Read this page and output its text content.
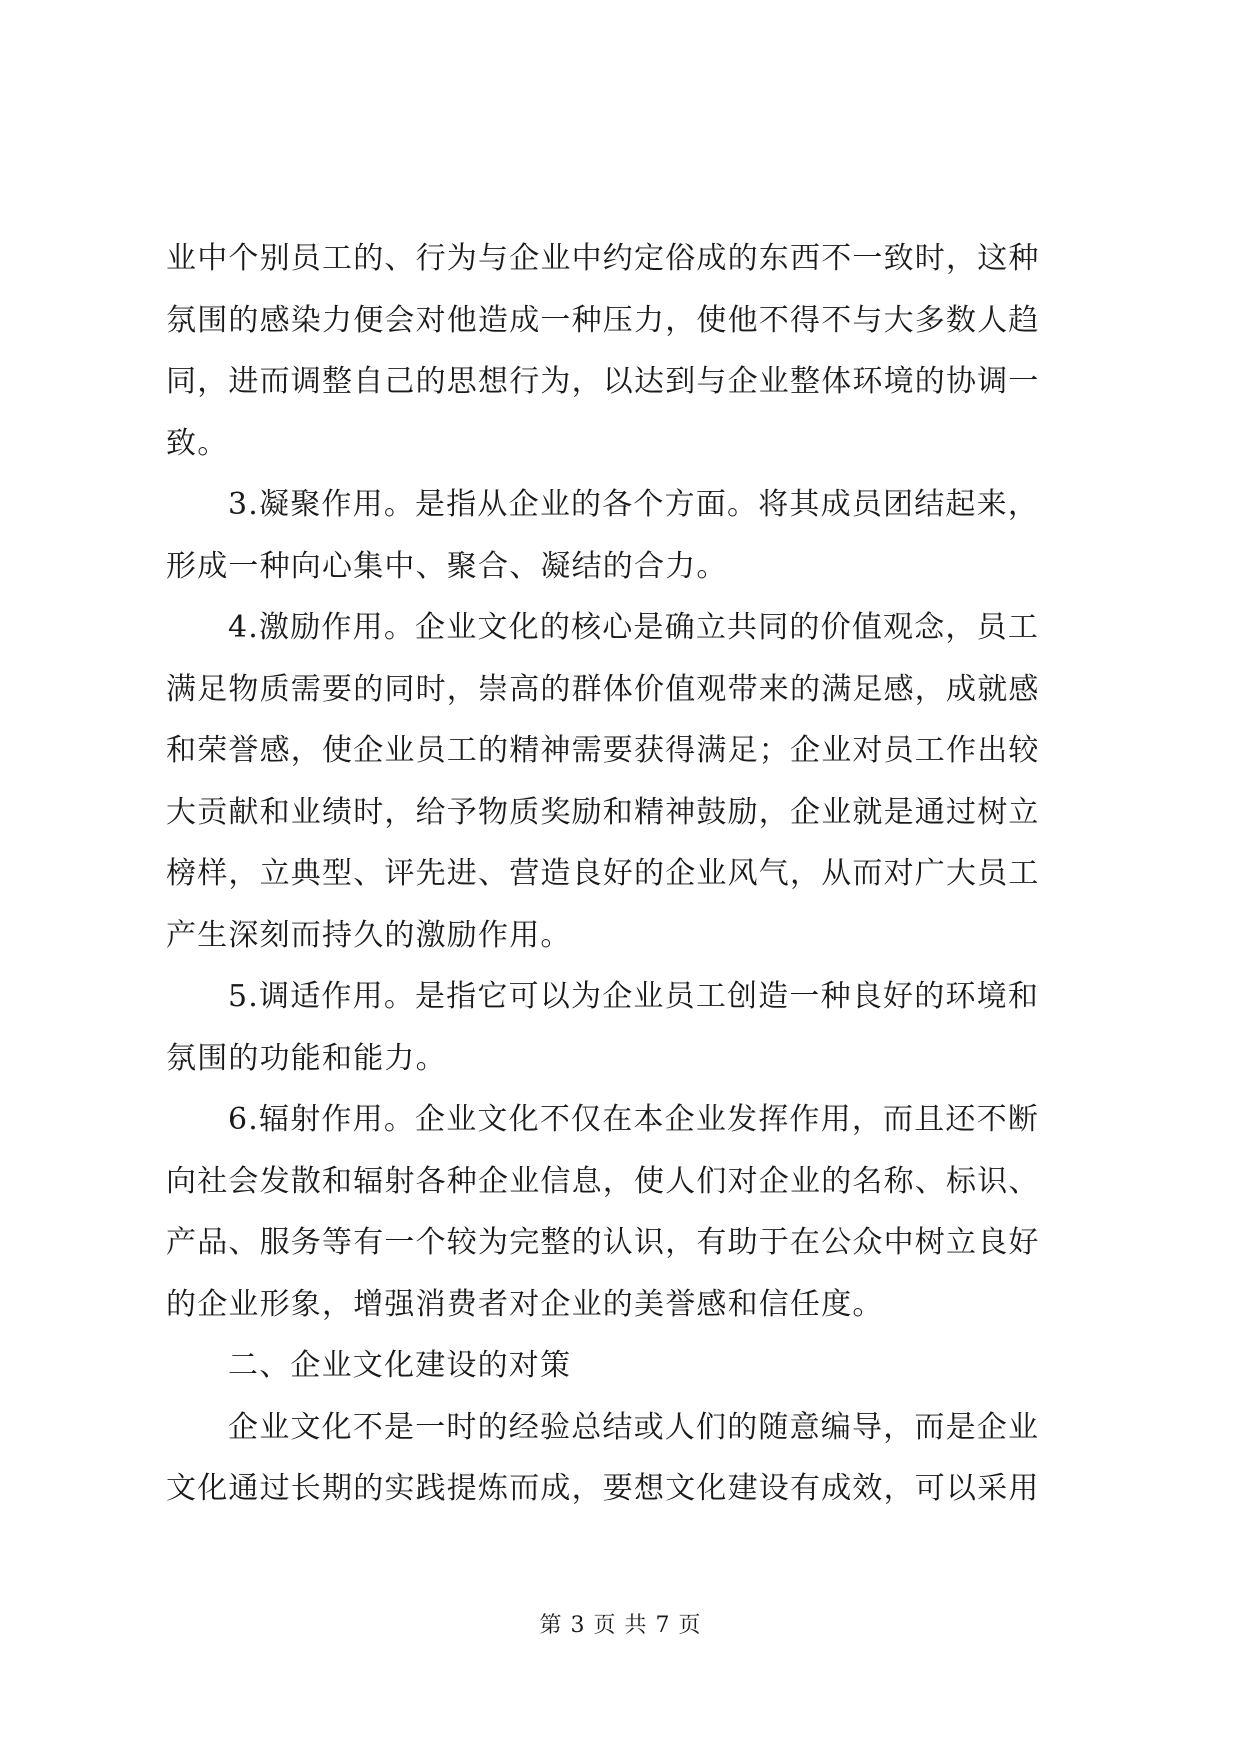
业中个别员工的、行为与企业中约定俗成的东西不一致时，这种
氛围的感染力便会对他造成一种压力，使他不得不与大多数人趋
同，进而调整自己的思想行为，以达到与企业整体环境的协调一
致。
3.凝聚作用。是指从企业的各个方面。将其成员团结起来，
形成一种向心集中、聚合、凝结的合力。
4.激励作用。企业文化的核心是确立共同的价值观念，员工
满足物质需要的同时，崇高的群体价值观带来的满足感，成就感
和荣誉感，使企业员工的精神需要获得满足；企业对员工作出较
大贡献和业绩时，给予物质奖励和精神鼓励，企业就是通过树立
榜样，立典型、评先进、营造良好的企业风气，从而对广大员工
产生深刻而持久的激励作用。
5.调适作用。是指它可以为企业员工创造一种良好的环境和
氛围的功能和能力。
6.辐射作用。企业文化不仅在本企业发挥作用，而且还不断
向社会发散和辐射各种企业信息，使人们对企业的名称、标识、
产品、服务等有一个较为完整的认识，有助于在公众中树立良好
的企业形象，增强消费者对企业的美誉感和信任度。
二、企业文化建设的对策
企业文化不是一时的经验总结或人们的随意编导，而是企业
文化通过长期的实践提炼而成，要想文化建设有成效，可以采用
第 3 页 共 7 页
